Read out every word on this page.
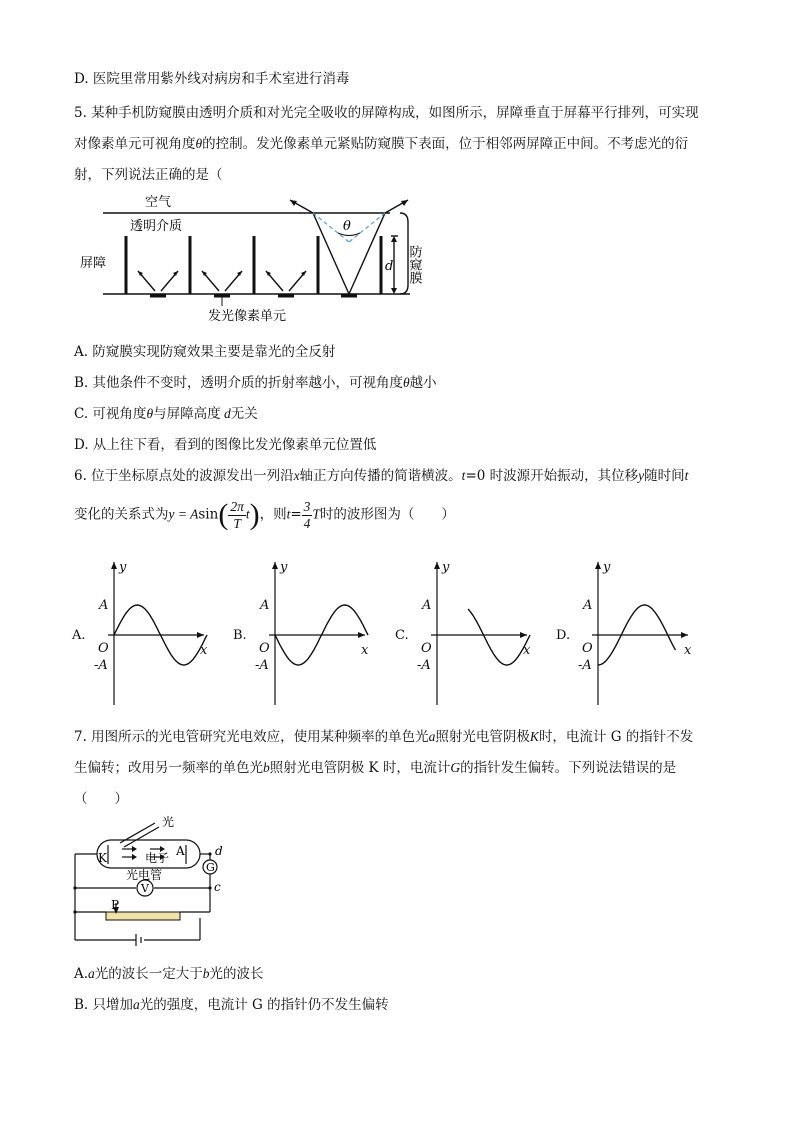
D. 医院里常用紫外线对病房和手术室进行消毒
5. 某种手机防窥膜由透明介质和对光完全吸收的屏障构成，如图所示，屏障垂直于屏幕平行排列，可实现
对像素单元可视角度θ的控制。发光像素单元紧贴防窥膜下表面，位于相邻两屏障正中间。不考虑光的衍
射，下列说法正确的是（
空气
透明介质
屏障
θ
d 防窥膜
发光像素单元
A. 防窥膜实现防窥效果主要是靠光的全反射
B. 其他条件不变时，透明介质的折射率越小，可视角度θ越小
C. 可视角度θ与屏障高度 d无关
D. 从上往下看，看到的图像比发光像素单元位置低
6. 位于坐标原点处的波源发出一列沿x轴正方向传播的简谐横波。t=0 时波源开始振动，其位移y随时间t
变化的关系式为$y = Asin( \frac{2\pi}{T} t)$，则$t= \frac{3}{4}$ T时的波形图为（　　）
A.
y
x
A
O
-A
B.
y
x
A
O
-A
C.
y
x
A
O
-A
D.
y
x
A
O
-A
7. 用图所示的光电管研究光电效应，使用某种频率的单色光a照射光电管阴极K时，电流计 G 的指针不发
生偏转；改用另一频率的单色光b照射光电管阴极 K 时，电流计G的指针发生偏转。下列说法错误的是
（　　）
光
K	A
电子
光电管
G
d
V	c
P
A.a光的波长一定大于b光的波长
B. 只增加a光的强度，电流计 G 的指针仍不发生偏转
